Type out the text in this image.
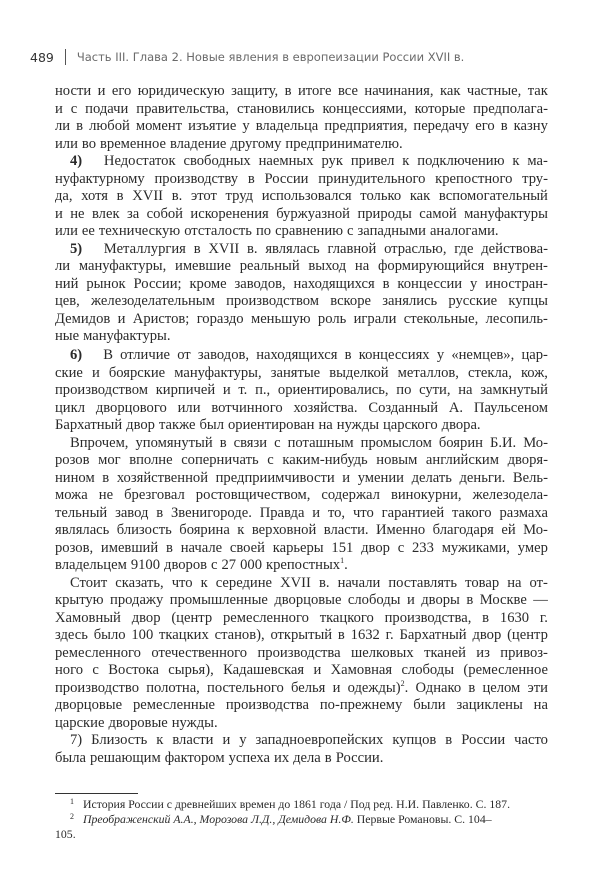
489 Часть III. Глава 2. Новые явления в европеизации России XVII в.
ности и его юридическую защиту, в итоге все начинания, как частные, так
и с подачи правительства, становились концессиями, которые предполага-
ли в любой момент изъятие у владельца предприятия, передачу его в казну
или во временное владение другому предпринимателю.
4)	Недостаток свободных наемных рук привел к подключению к ма-
нуфактурному производству в России принудительного крепостного тру-
да, хотя в XVII в. этот труд использовался только как вспомогательный
и не влек за собой искоренения буржуазной природы самой мануфактуры
или ее техническую отсталость по сравнению с западными аналогами.
5)	Металлургия в XVII в. являлась главной отраслью, где действова-
ли мануфактуры, имевшие реальный выход на формирующийся внутрен-
ний рынок России; кроме заводов, находящихся в концессии у иностран-
цев, железоделательным производством вскоре занялись русские купцы
Демидов и Аристов; гораздо меньшую роль играли стекольные, лесопиль-
ные мануфактуры.
6)	В отличие от заводов, находящихся в концессиях у «немцев», цар-
ские и боярские мануфактуры, занятые выделкой металлов, стекла, кож,
производством кирпичей и т. п., ориентировались, по сути, на замкнутый
цикл дворцового или вотчинного хозяйства. Созданный А. Паульсеном
Бархатный двор также был ориентирован на нужды царского двора.
Впрочем, упомянутый в связи с поташным промыслом боярин Б.И. Мо-
розов мог вполне соперничать с каким-нибудь новым английским дворя-
нином в хозяйственной предприимчивости и умении делать деньги. Вель-
можа не брезговал ростовщичеством, содержал винокурни, железодела-
тельный завод в Звенигороде. Правда и то, что гарантией такого размаха
являлась близость боярина к верховной власти. Именно благодаря ей Мо-
розов, имевший в начале своей карьеры 151 двор с 233 мужиками, умер
владельцем 9100 дворов с 27 000 крепостных$^1$.
Стоит сказать, что к середине XVII в. начали поставлять товар на от-
крытую продажу промышленные дворцовые слободы и дворы в Москве —
Хамовный двор (центр ремесленного ткацкого производства, в 1630 г.
здесь было 100 ткацких станов), открытый в 1632 г. Бархатный двор (центр
ремесленного отечественного производства шелковых тканей из привоз-
ного с Востока сырья), Кадашевская и Хамовная слободы (ремесленное
производство полотна, постельного белья и одежды)$^2$. Однако в целом эти
дворцовые ремесленные производства по-прежнему были зациклены на
царские дворовые нужды.
7) Близость к власти и у западноевропейских купцов в России часто
была решающим фактором успеха их дела в России.
1 История России с древнейших времен до 1861 года / Под ред. Н.И. Павленко. С. 187.
2 Преображенский А.А., Морозова Л.Д., Демидова Н.Ф. Первые Романовы. С. 104–
105.
